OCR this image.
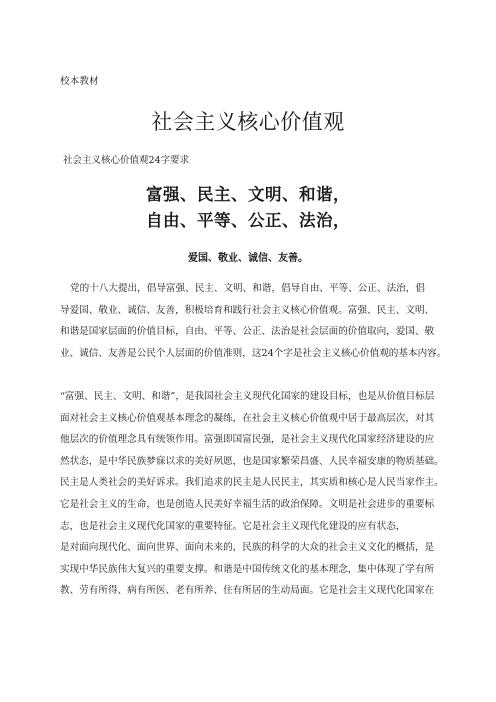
校本教材
社会主义核心价值观
社会主义核心价值观24字要求
富强、民主、文明、和谐，
自由、平等、公正、法治，
爱国、敬业、诚信、友善。
党的十八大提出，倡导富强、民主、文明、和谐，倡导自由、平等、公正、法治，倡
导爱国、敬业、诚信、友善，积极培育和践行社会主义核心价值观。富强、民主、文明、
和谐是国家层面的价值目标，自由、平等、公正、法治是社会层面的价值取向，爱国、敬
业、诚信、友善是公民个人层面的价值准则，这24个字是社会主义核心价值观的基本内容。
“富强、民主、文明、和谐”，是我国社会主义现代化国家的建设目标，也是从价值目标层
面对社会主义核心价值观基本理念的凝练，在社会主义核心价值观中居于最高层次，对其
他层次的价值理念具有统领作用。富强即国富民强，是社会主义现代化国家经济建设的应
然状态，是中华民族梦寐以求的美好夙愿，也是国家繁荣昌盛、人民幸福安康的物质基础。
民主是人类社会的美好诉求。我们追求的民主是人民民主，其实质和核心是人民当家作主。
它是社会主义的生命，也是创造人民美好幸福生活的政治保障。文明是社会进步的重要标
志，也是社会主义现代化国家的重要特征。它是社会主义现代化建设的应有状态，
是对面向现代化、面向世界、面向未来的，民族的科学的大众的社会主义文化的概括，是
实现中华民族伟大复兴的重要支撑。和谐是中国传统文化的基本理念，集中体现了学有所
教、劳有所得、病有所医、老有所养、住有所居的生动局面。它是社会主义现代化国家在
